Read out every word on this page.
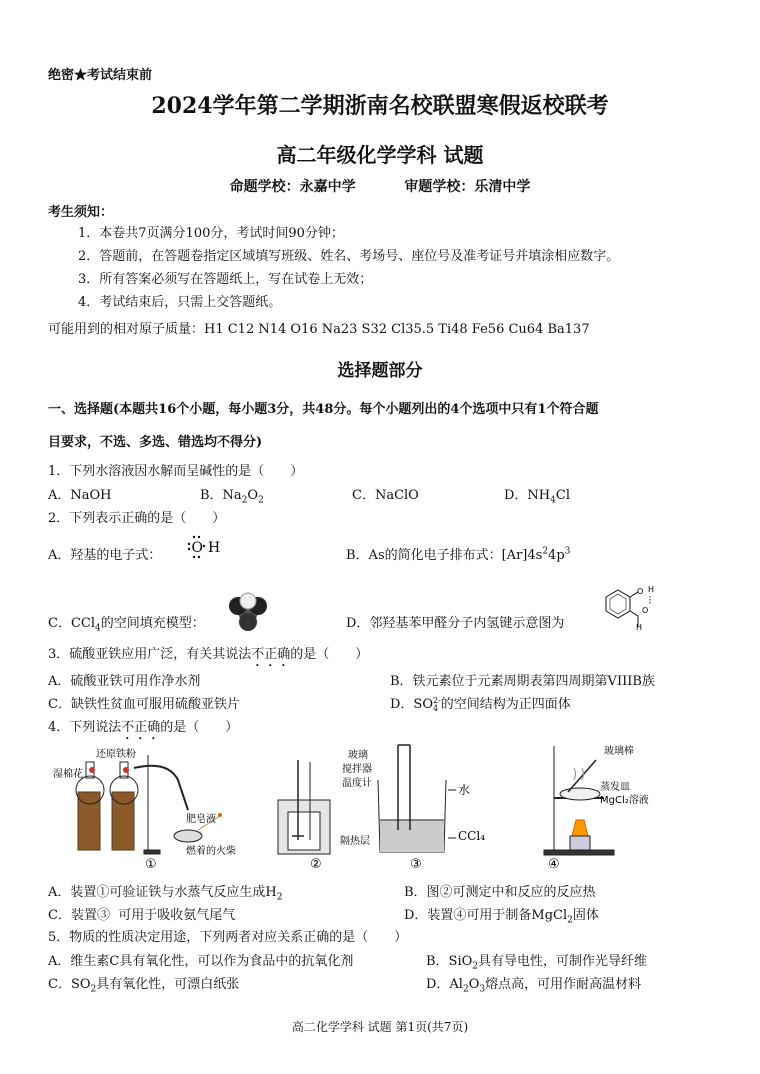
绝密★考试结束前
2024学年第二学期浙南名校联盟寒假返校联考
高二年级化学学科 试题
命题学校：永嘉中学          审题学校：乐清中学
考生须知：
1．本卷共7页满分100分，考试时间90分钟；
2．答题前，在答题卷指定区域填写班级、姓名、考场号、座位号及准考证号并填涂相应数字。
3．所有答案必须写在答题纸上，写在试卷上无效；
4．考试结束后，只需上交答题纸。
可能用到的相对原子质量：H1 C12 N14 O16 Na23 S32 Cl35.5 Ti48 Fe56 Cu64 Ba137
选择题部分
一、选择题(本题共16个小题，每小题3分，共48分。每个小题列出的4个选项中只有1个符合题
目要求，不选、多选、错选均不得分)
1．下列水溶液因水解而呈碱性的是（　　）
A．NaOH	B．$Na_2O_2$	C．NaClO	D．$NH_4Cl$
2．下列表示正确的是（　　）
A．羟基的电子式： O H	B．As的简化电子排布式：$[Ar]4s^24p^3$
C．CCl$_4$的空间填充模型：	D．邻羟基苯甲醛分子内氢键示意图为
O H
O
H
3．硫酸亚铁应用广泛，有关其说法不正确的是（　　）
A．硫酸亚铁可用作净水剂	B．铁元素位于元素周期表第四周期第VIIIB族
C．缺铁性贫血可服用硫酸亚铁片	D．SO 2-
4 的空间结构为正四面体
4．下列说法不正确的是（　　）
湿棉花
还原铁粉
肥皂液
燃着的火柴
①
玻璃
搅拌器
温度计
隔热层
②
水
CCl₄
③
玻璃棒
蒸发皿
MgCl₂溶液
④
A．装置①可验证铁与水蒸气反应生成$H_2$	B．图②可测定中和反应的反应热
C．装置③  可用于吸收氨气尾气	D．装置④可用于制备MgCl$_2$固体
5．物质的性质决定用途，下列两者对应关系正确的是（　　）
A．维生素C具有氧化性，可以作为食品中的抗氧化剂	B．SiO$_2$具有导电性，可制作光导纤维
C．$SO_2$具有氧化性，可漂白纸张	D．$Al_2O_3$熔点高，可用作耐高温材料
高二化学学科 试题 第1页(共7页)
